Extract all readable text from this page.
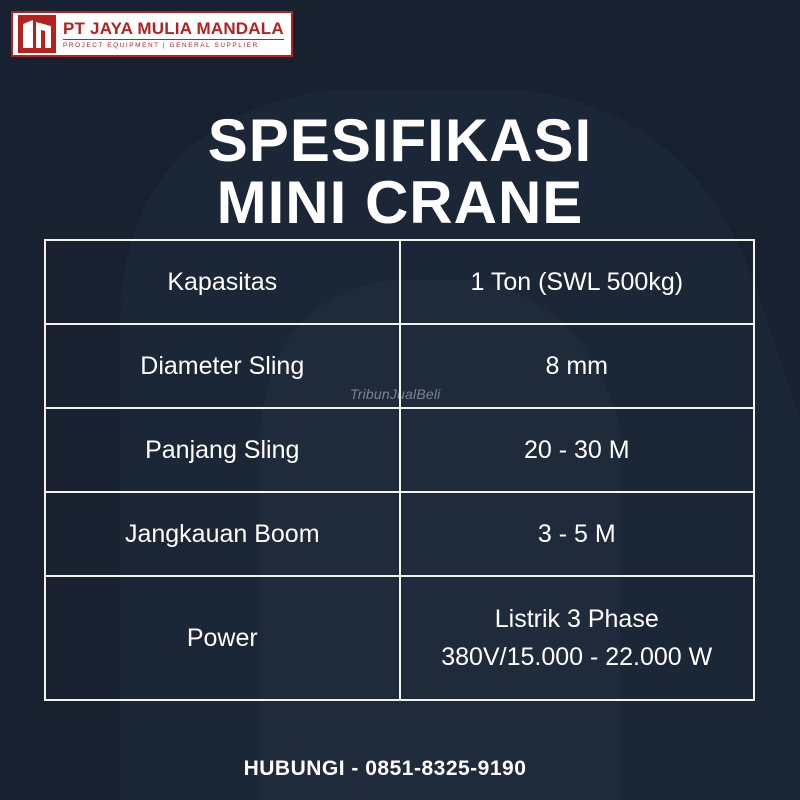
PT JAYA MULIA MANDALA
PROJECT EQUIPMENT | GENERAL SUPPLIER
SPESIFIKASI
MINI CRANE
Kapasitas	1 Ton (SWL 500kg)
Diameter Sling	8 mm
Panjang Sling	20 - 30 M
Jangkauan Boom	3 - 5 M
Power	Listrik 3 Phase
380V/15.000 - 22.000 W
TribunJualBeli
HUBUNGI - 0851-8325-9190
